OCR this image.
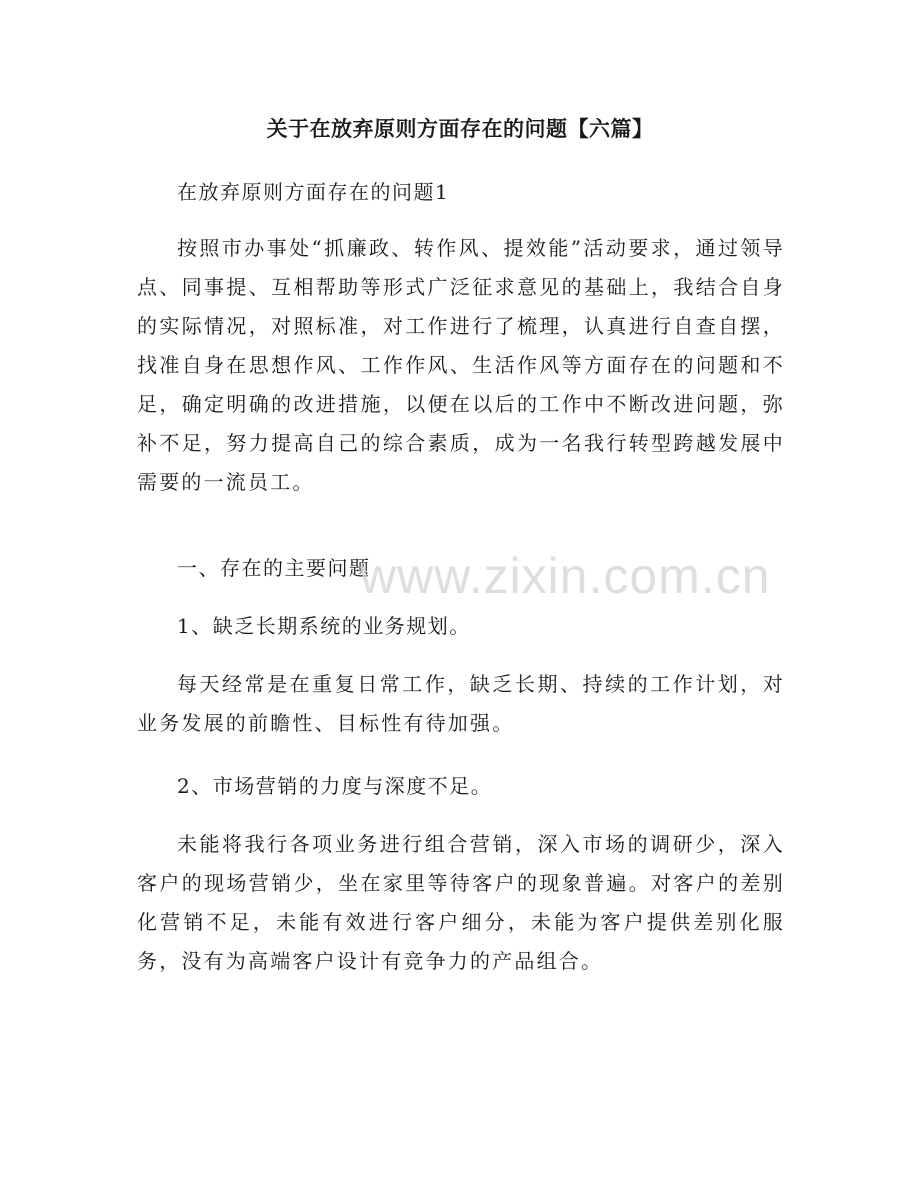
关于在放弃原则方面存在的问题【六篇】

在放弃原则方面存在的问题1

按照市办事处“抓廉政、转作风、提效能”活动要求，通过领导点、同事提、互相帮助等形式广泛征求意见的基础上，我结合自身的实际情况，对照标准，对工作进行了梳理，认真进行自查自摆，找准自身在思想作风、工作作风、生活作风等方面存在的问题和不足，确定明确的改进措施，以便在以后的工作中不断改进问题，弥补不足，努力提高自己的综合素质，成为一名我行转型跨越发展中需要的一流员工。

一、存在的主要问题

1、缺乏长期系统的业务规划。

每天经常是在重复日常工作，缺乏长期、持续的工作计划，对业务发展的前瞻性、目标性有待加强。

2、市场营销的力度与深度不足。

未能将我行各项业务进行组合营销，深入市场的调研少，深入客户的现场营销少，坐在家里等待客户的现象普遍。对客户的差别化营销不足，未能有效进行客户细分，未能为客户提供差别化服务，没有为高端客户设计有竞争力的产品组合。

www.zixin.com.cn
